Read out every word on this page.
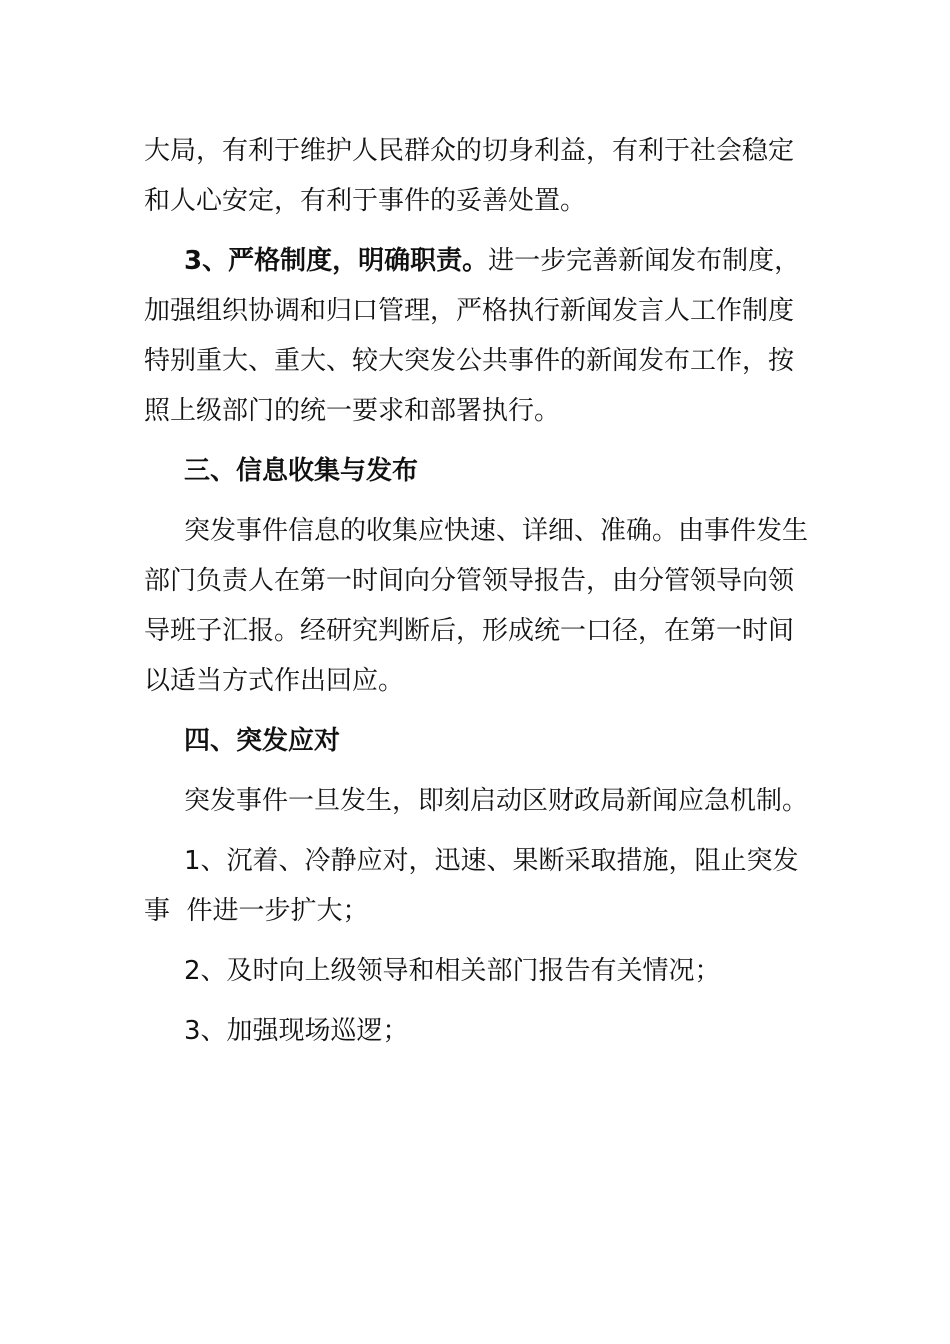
大局，有利于维护人民群众的切身利益，有利于社会稳定
和人心安定，有利于事件的妥善处置。
3、严格制度，明确职责。进一步完善新闻发布制度，
加强组织协调和归口管理，严格执行新闻发言人工作制度
特别重大、重大、较大突发公共事件的新闻发布工作，按
照上级部门的统一要求和部署执行。
三、信息收集与发布
突发事件信息的收集应快速、详细、准确。由事件发生
部门负责人在第一时间向分管领导报告，由分管领导向领
导班子汇报。经研究判断后，形成统一口径，在第一时间
以适当方式作出回应。
四、突发应对
突发事件一旦发生，即刻启动区财政局新闻应急机制。
1、沉着、冷静应对，迅速、果断采取措施，阻止突发
事  件进一步扩大；
2、及时向上级领导和相关部门报告有关情况；
3、加强现场巡逻；
